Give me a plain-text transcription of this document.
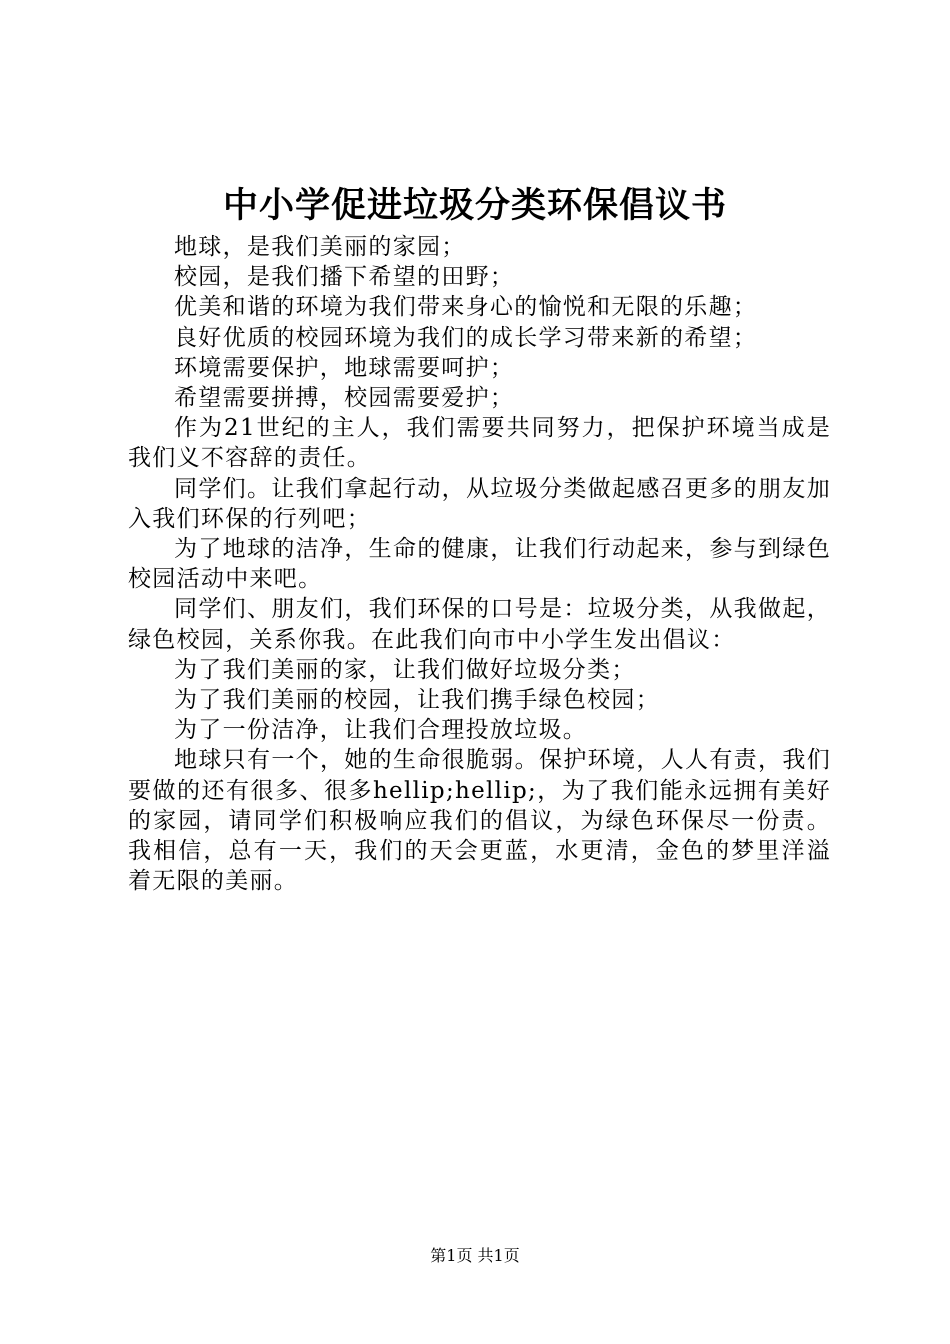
中小学促进垃圾分类环保倡议书

地球，是我们美丽的家园；

校园，是我们播下希望的田野；

优美和谐的环境为我们带来身心的愉悦和无限的乐趣；

良好优质的校园环境为我们的成长学习带来新的希望；

环境需要保护，地球需要呵护；

希望需要拼搏，校园需要爱护；

作为21世纪的主人，我们需要共同努力，把保护环境当成是我们义不容辞的责任。

同学们。让我们拿起行动，从垃圾分类做起感召更多的朋友加入我们环保的行列吧；

为了地球的洁净，生命的健康，让我们行动起来，参与到绿色校园活动中来吧。

同学们、朋友们，我们环保的口号是：垃圾分类，从我做起，绿色校园，关系你我。在此我们向市中小学生发出倡议：

为了我们美丽的家，让我们做好垃圾分类；

为了我们美丽的校园，让我们携手绿色校园；

为了一份洁净，让我们合理投放垃圾。

地球只有一个，她的生命很脆弱。保护环境，人人有责，我们要做的还有很多、很多hellip;hellip;，为了我们能永远拥有美好的家园，请同学们积极响应我们的倡议，为绿色环保尽一份责。我相信，总有一天，我们的天会更蓝，水更清，金色的梦里洋溢着无限的美丽。

第1页 共1页
